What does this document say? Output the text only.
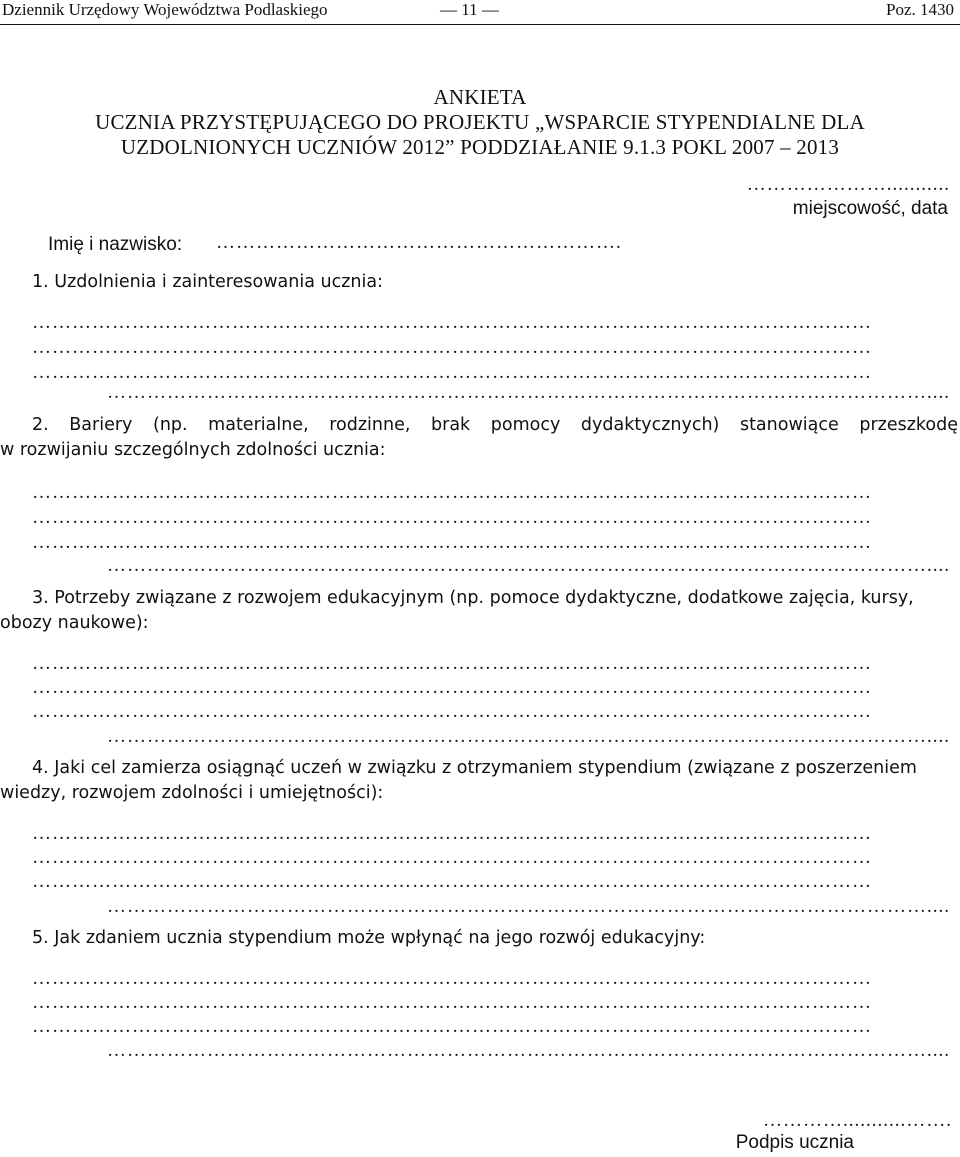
Dziennik Urzędowy Województwa Podlaskiego	— 11 —	Poz. 1430
ANKIETA
UCZNIA PRZYSTĘPUJĄCEGO DO PROJEKTU „WSPARCIE STYPENDIALNE DLA
UZDOLNIONYCH UCZNIÓW 2012” PODDZIAŁANIE 9.1.3 POKL 2007 – 2013
…………………...........
miejscowość, data
Imię i nazwisko: …………………………………………………….
1. Uzdolnienia i zainteresowania ucznia:
………………………………………………………………………………………………………………
………………………………………………………………………………………………………………
………………………………………………………………………………………………………………
……………………………………………………………………………………………………………....
2. Bariery (np. materialne, rodzinne, brak pomocy dydaktycznych) stanowiące przeszkodę
w rozwijaniu szczególnych zdolności ucznia:
………………………………………………………………………………………………………………
………………………………………………………………………………………………………………
………………………………………………………………………………………………………………
……………………………………………………………………………………………………………....
3. Potrzeby związane z rozwojem edukacyjnym (np. pomoce dydaktyczne, dodatkowe zajęcia, kursy,
obozy naukowe):
………………………………………………………………………………………………………………
………………………………………………………………………………………………………………
………………………………………………………………………………………………………………
……………………………………………………………………………………………………………....
4. Jaki cel zamierza osiągnąć uczeń w związku z otrzymaniem stypendium (związane z poszerzeniem
wiedzy, rozwojem zdolności i umiejętności):
………………………………………………………………………………………………………………
………………………………………………………………………………………………………………
………………………………………………………………………………………………………………
……………………………………………………………………………………………………………....
5. Jak zdaniem ucznia stypendium może wpłynąć na jego rozwój edukacyjny:
………………………………………………………………………………………………………………
………………………………………………………………………………………………………………
………………………………………………………………………………………………………………
……………………………………………………………………………………………………………....
…………...........…….
Podpis ucznia
